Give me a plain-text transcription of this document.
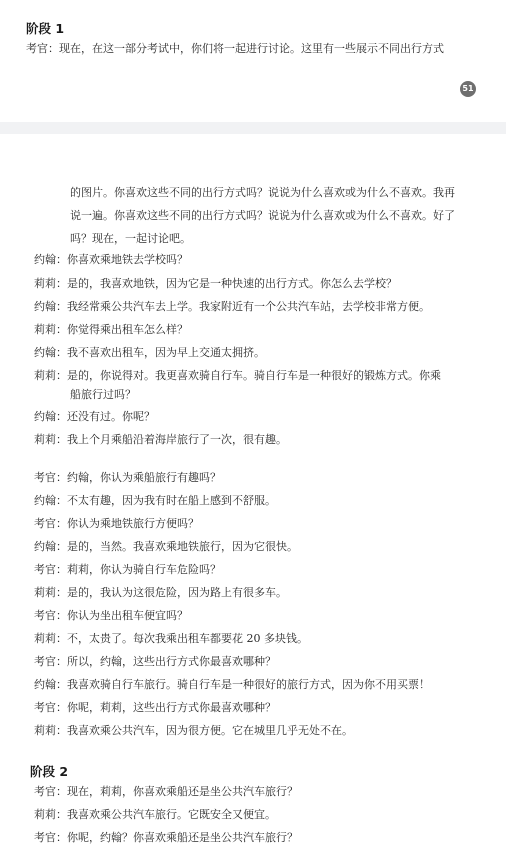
阶段 1
考官：现在，在这一部分考试中，你们将一起进行讨论。这里有一些展示不同出行方式
51
的图片。你喜欢这些不同的出行方式吗？说说为什么喜欢或为什么不喜欢。我再
说一遍。你喜欢这些不同的出行方式吗？说说为什么喜欢或为什么不喜欢。好了
吗？现在，一起讨论吧。
约翰：你喜欢乘地铁去学校吗？
莉莉：是的，我喜欢地铁，因为它是一种快速的出行方式。你怎么去学校？
约翰：我经常乘公共汽车去上学。我家附近有一个公共汽车站，去学校非常方便。
莉莉：你觉得乘出租车怎么样？
约翰：我不喜欢出租车，因为早上交通太拥挤。
莉莉：是的，你说得对。我更喜欢骑自行车。骑自行车是一种很好的锻炼方式。你乘
船旅行过吗？
约翰：还没有过。你呢？
莉莉：我上个月乘船沿着海岸旅行了一次，很有趣。
考官：约翰，你认为乘船旅行有趣吗？
约翰：不太有趣，因为我有时在船上感到不舒服。
考官：你认为乘地铁旅行方便吗？
约翰：是的，当然。我喜欢乘地铁旅行，因为它很快。
考官：莉莉，你认为骑自行车危险吗？
莉莉：是的，我认为这很危险，因为路上有很多车。
考官：你认为坐出租车便宜吗？
莉莉：不，太贵了。每次我乘出租车都要花 20 多块钱。
考官：所以，约翰，这些出行方式你最喜欢哪种？
约翰：我喜欢骑自行车旅行。骑自行车是一种很好的旅行方式，因为你不用买票！
考官：你呢，莉莉，这些出行方式你最喜欢哪种？
莉莉：我喜欢乘公共汽车，因为很方便。它在城里几乎无处不在。
阶段 2
考官：现在，莉莉，你喜欢乘船还是坐公共汽车旅行？
莉莉：我喜欢乘公共汽车旅行。它既安全又便宜。
考官：你呢，约翰？你喜欢乘船还是坐公共汽车旅行？
